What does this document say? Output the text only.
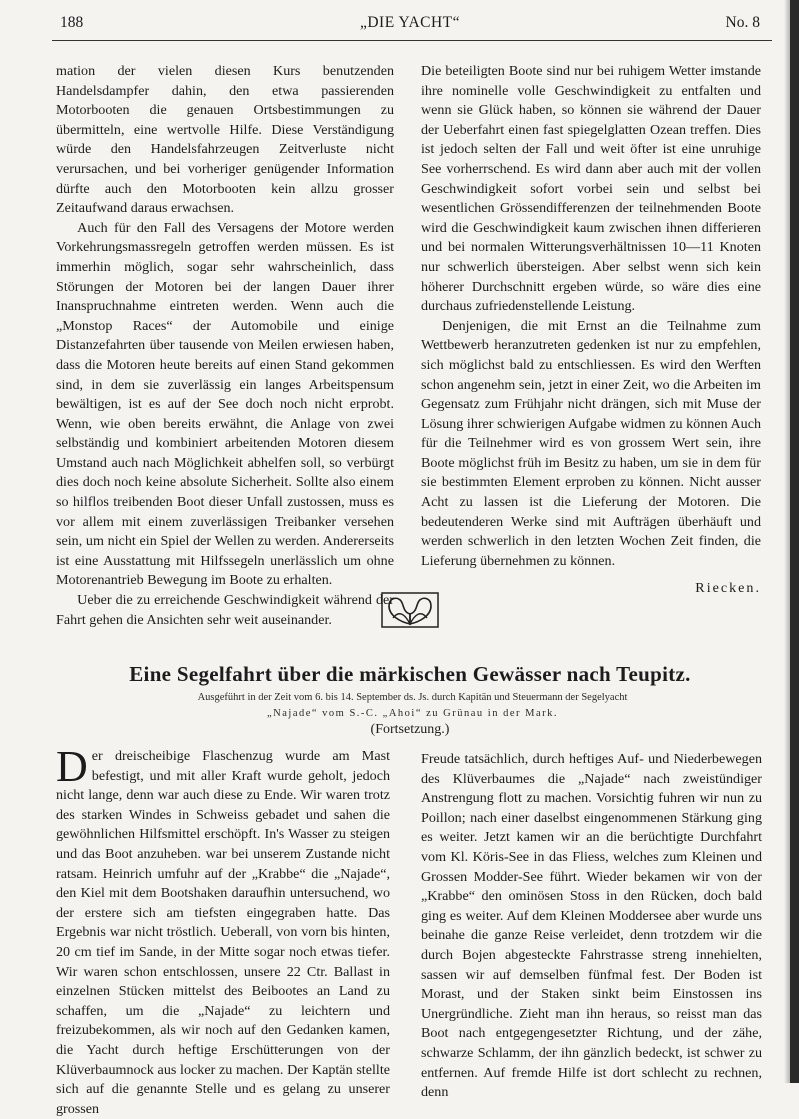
188	„DIE YACHT“	No. 8

mation der vielen diesen Kurs benutzenden Handelsdampfer dahin, den etwa passierenden Motorbooten die genauen Ortsbestimmungen zu übermitteln, eine wertvolle Hilfe. Diese Verständigung würde den Handelsfahrzeugen Zeitverluste nicht verursachen, und bei vorheriger genügender Information dürfte auch den Motorbooten kein allzu grosser Zeitaufwand daraus erwachsen.

Auch für den Fall des Versagens der Motore werden Vorkehrungsmassregeln getroffen werden müssen. Es ist immerhin möglich, sogar sehr wahrscheinlich, dass Störungen der Motoren bei der langen Dauer ihrer Inanspruchnahme eintreten werden. Wenn auch die „Monstop Races“ der Automobile und einige Distanzefahrten über tausende von Meilen erwiesen haben, dass die Motoren heute bereits auf einen Stand gekommen sind, in dem sie zuverlässig ein langes Arbeitspensum bewältigen, ist es auf der See doch noch nicht erprobt. Wenn, wie oben bereits erwähnt, die Anlage von zwei selbständig und kombiniert arbeitenden Motoren diesem Umstand auch nach Möglichkeit abhelfen soll, so verbürgt dies doch noch keine absolute Sicherheit. Sollte also einem so hilflos treibenden Boot dieser Unfall zustossen, muss es vor allem mit einem zuverlässigen Treibanker versehen sein, um nicht ein Spiel der Wellen zu werden. Andererseits ist eine Ausstattung mit Hilfssegeln unerlässlich um ohne Motorenantrieb Bewegung im Boote zu erhalten.

Ueber die zu erreichende Geschwindigkeit während der Fahrt gehen die Ansichten sehr weit auseinander.

Die beteiligten Boote sind nur bei ruhigem Wetter imstande ihre nominelle volle Geschwindigkeit zu entfalten und wenn sie Glück haben, so können sie während der Dauer der Ueberfahrt einen fast spiegelglatten Ozean treffen. Dies ist jedoch selten der Fall und weit öfter ist eine unruhige See vorherrschend. Es wird dann aber auch mit der vollen Geschwindigkeit sofort vorbei sein und selbst bei wesentlichen Grössendifferenzen der teilnehmenden Boote wird die Geschwindigkeit kaum zwischen ihnen differieren und bei normalen Witterungsverhältnissen 10—11 Knoten nur schwerlich übersteigen. Aber selbst wenn sich kein höherer Durchschnitt ergeben würde, so wäre dies eine durchaus zufriedenstellende Leistung.

Denjenigen, die mit Ernst an die Teilnahme zum Wettbewerb heranzutreten gedenken ist nur zu empfehlen, sich möglichst bald zu entschliessen. Es wird den Werften schon angenehm sein, jetzt in einer Zeit, wo die Arbeiten im Gegensatz zum Frühjahr nicht drängen, sich mit Muse der Lösung ihrer schwierigen Aufgabe widmen zu können Auch für die Teilnehmer wird es von grossem Wert sein, ihre Boote möglichst früh im Besitz zu haben, um sie in dem für sie bestimmten Element erproben zu können. Nicht ausser Acht zu lassen ist die Lieferung der Motoren. Die bedeutenderen Werke sind mit Aufträgen überhäuft und werden schwerlich in den letzten Wochen Zeit finden, die Lieferung übernehmen zu können.

Riecken.

Eine Segelfahrt über die märkischen Gewässer nach Teupitz.
Ausgeführt in der Zeit vom 6. bis 14. September ds. Js. durch Kapitän und Steuermann der Segelyacht
„Najade“ vom S.-C. „Ahoi“ zu Grünau in der Mark.
(Fortsetzung.)

Der dreischeibige Flaschenzug wurde am Mast befestigt, und mit aller Kraft wurde geholt, jedoch nicht lange, denn war auch diese zu Ende. Wir waren trotz des starken Windes in Schweiss gebadet und sahen die gewöhnlichen Hilfsmittel erschöpft. In's Wasser zu steigen und das Boot anzuheben. war bei unserem Zustande nicht ratsam. Heinrich umfuhr auf der „Krabbe“ die „Najade“, den Kiel mit dem Bootshaken daraufhin untersuchend, wo der erstere sich am tiefsten eingegraben hatte. Das Ergebnis war nicht tröstlich. Ueberall, von vorn bis hinten, 20 cm tief im Sande, in der Mitte sogar noch etwas tiefer. Wir waren schon entschlossen, unsere 22 Ctr. Ballast in einzelnen Stücken mittelst des Beibootes an Land zu schaffen, um die „Najade“ zu leichtern und freizubekommen, als wir noch auf den Gedanken kamen, die Yacht durch heftige Erschütterungen von der Klüverbaumnock aus locker zu machen. Der Kaptän stellte sich auf die genannte Stelle und es gelang zu unserer grossen

Freude tatsächlich, durch heftiges Auf- und Niederbewegen des Klüverbaumes die „Najade“ nach zweistündiger Anstrengung flott zu machen. Vorsichtig fuhren wir nun zu Poillon; nach einer daselbst eingenommenen Stärkung ging es weiter. Jetzt kamen wir an die berüchtigte Durchfahrt vom Kl. Köris-See in das Fliess, welches zum Kleinen und Grossen Modder-See führt. Wieder bekamen wir von der „Krabbe“ den ominösen Stoss in den Rücken, doch bald ging es weiter. Auf dem Kleinen Moddersee aber wurde uns beinahe die ganze Reise verleidet, denn trotzdem wir die durch Bojen abgesteckte Fahrstrasse streng innehielten, sassen wir auf demselben fünfmal fest. Der Boden ist Morast, und der Staken sinkt beim Einstossen ins Unergründliche. Zieht man ihn heraus, so reisst man das Boot nach entgegengesetzter Richtung, und der zähe, schwarze Schlamm, der ihn gänzlich bedeckt, ist schwer zu entfernen. Auf fremde Hilfe ist dort schlecht zu rechnen, denn
